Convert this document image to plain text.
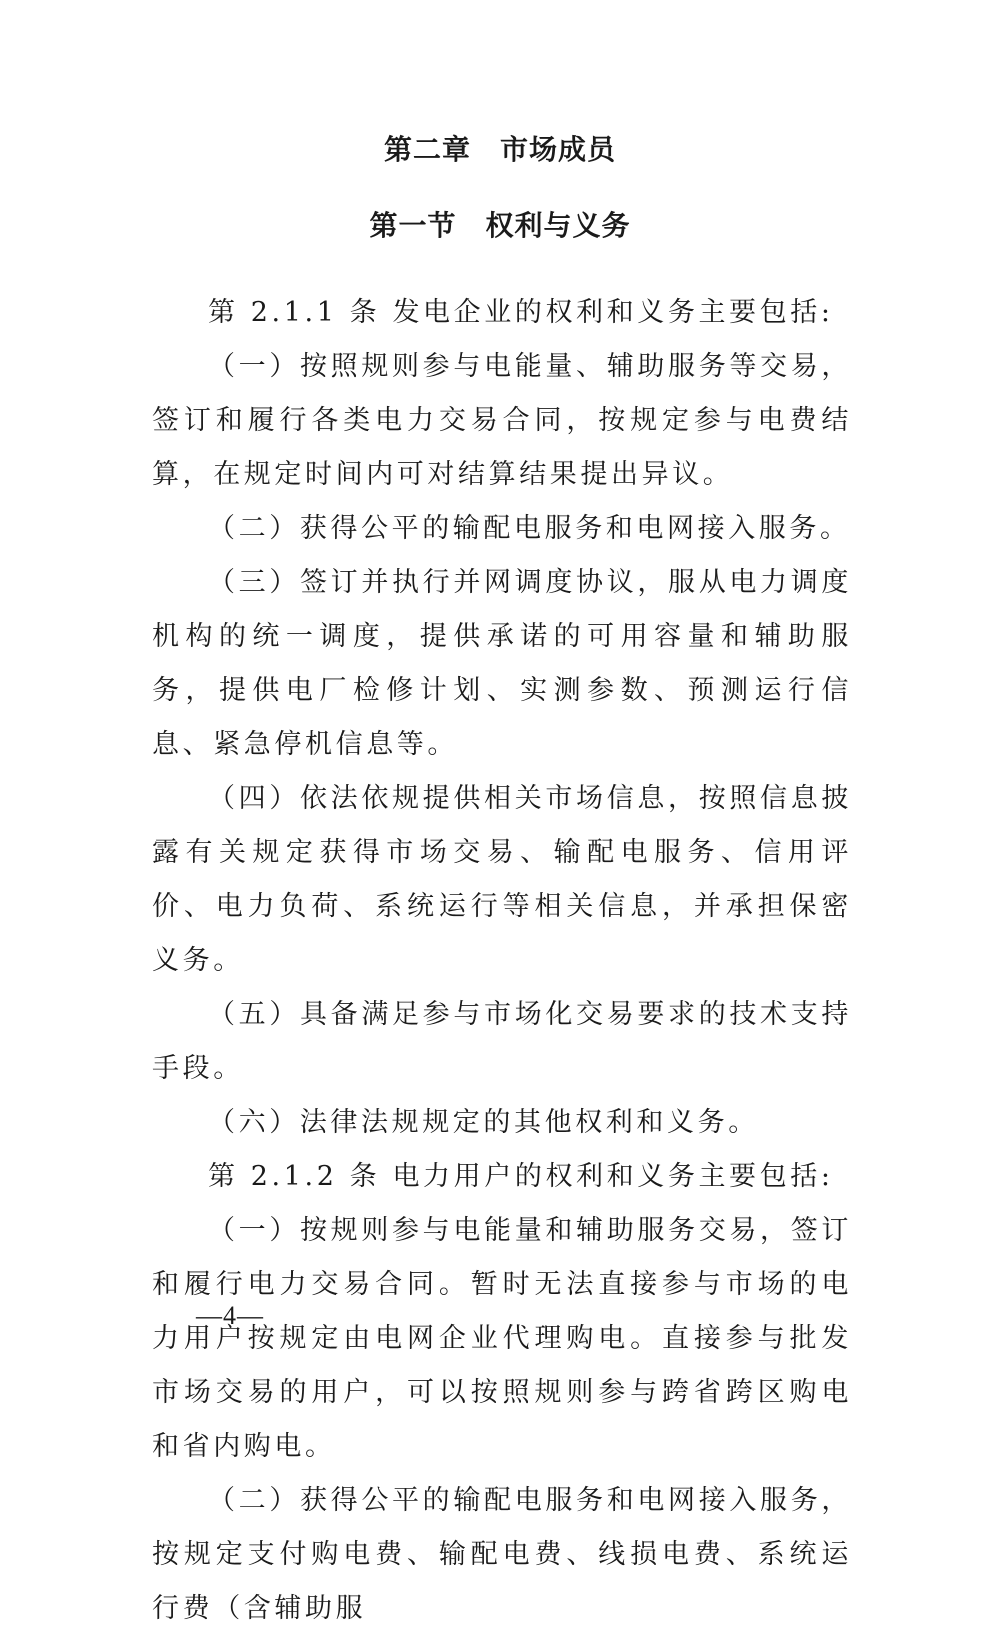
第二章　市场成员
第一节　权利与义务

第 2.1.1 条 发电企业的权利和义务主要包括:

（一）按照规则参与电能量、辅助服务等交易，签订和履行各类电力交易合同，按规定参与电费结算，在规定时间内可对结算结果提出异议。

（二）获得公平的输配电服务和电网接入服务。

（三）签订并执行并网调度协议，服从电力调度机构的统一调度，提供承诺的可用容量和辅助服务，提供电厂检修计划、实测参数、预测运行信息、紧急停机信息等。

（四）依法依规提供相关市场信息，按照信息披露有关规定获得市场交易、输配电服务、信用评价、电力负荷、系统运行等相关信息，并承担保密义务。

（五）具备满足参与市场化交易要求的技术支持手段。

（六）法律法规规定的其他权利和义务。

第 2.1.2 条 电力用户的权利和义务主要包括:

（一）按规则参与电能量和辅助服务交易，签订和履行电力交易合同。暂时无法直接参与市场的电力用户按规定由电网企业代理购电。直接参与批发市场交易的用户，可以按照规则参与跨省跨区购电和省内购电。

（二）获得公平的输配电服务和电网接入服务，按规定支付购电费、输配电费、线损电费、系统运行费（含辅助服

—4—
